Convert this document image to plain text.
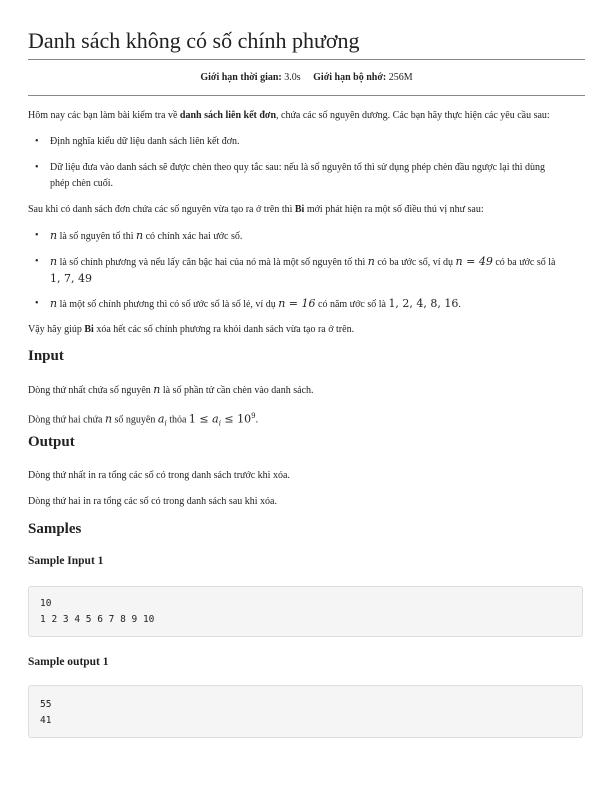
Danh sách không có số chính phương
Giới hạn thời gian: 3.0s Giới hạn bộ nhớ: 256M
Hôm nay các bạn làm bài kiểm tra về danh sách liên kết đơn, chứa các số nguyên dương. Các bạn hãy thực hiện các yêu cầu sau:
• Định nghĩa kiểu dữ liệu danh sách liên kết đơn.
• Dữ liệu đưa vào danh sách sẽ được chèn theo quy tắc sau: nếu là số nguyên tố thì sử dụng phép chèn đầu ngược lại thì dùng
phép chèn cuối.
Sau khi có danh sách đơn chứa các số nguyên vừa tạo ra ở trên thì Bi mới phát hiện ra một số điều thú vị như sau:
• n là số nguyên tố thì n có chính xác hai ước số.
• n là số chính phương và nếu lấy căn bậc hai của nó mà là một số nguyên tố thì n có ba ước số, ví dụ n = 49 có ba ước số là
1, 7, 49
• n là một số chính phương thì có số ước số là số lẻ, ví dụ n = 16 có năm ước số là 1, 2, 4, 8, 16.
Vậy hãy giúp Bi xóa hết các số chính phương ra khỏi danh sách vừa tạo ra ở trên.
Input
Dòng thứ nhất chứa số nguyên n là số phần tử cần chèn vào danh sách.
Dòng thứ hai chứa n số nguyên $a_i$ thỏa $1 \le a_i \le 10^9$.
Output
Dòng thứ nhất in ra tổng các số có trong danh sách trước khi xóa.
Dòng thứ hai in ra tổng các số có trong danh sách sau khi xóa.
Samples
Sample Input 1
10
1 2 3 4 5 6 7 8 9 10
Sample output 1
55
41
